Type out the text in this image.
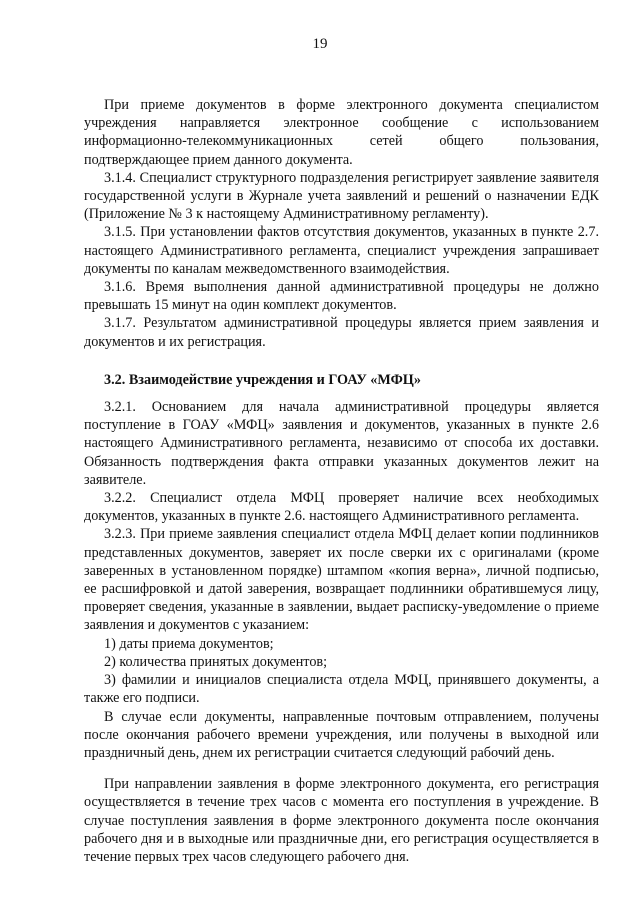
19

При приеме документов в форме электронного документа специалистом учреждения направляется электронное сообщение с использованием информационно-телекоммуникационных сетей общего пользования, подтверждающее прием данного документа.

3.1.4. Специалист структурного подразделения регистрирует заявление заявителя государственной услуги в Журнале учета заявлений и решений о назначении ЕДК (Приложение № 3 к настоящему Административному регламенту).

3.1.5. При установлении фактов отсутствия документов, указанных в пункте 2.7. настоящего Административного регламента, специалист учреждения запрашивает документы по каналам межведомственного взаимодействия.

3.1.6. Время выполнения данной административной процедуры не должно превышать 15 минут на один комплект документов.

3.1.7. Результатом административной процедуры является прием заявления и документов и их регистрация.

3.2. Взаимодействие учреждения и ГОАУ «МФЦ»

3.2.1. Основанием для начала административной процедуры является поступление в ГОАУ «МФЦ» заявления и документов, указанных в пункте 2.6 настоящего Административного регламента, независимо от способа их доставки. Обязанность подтверждения факта отправки указанных документов лежит на заявителе.

3.2.2. Специалист отдела МФЦ проверяет наличие всех необходимых документов, указанных в пункте 2.6. настоящего Административного регламента.

3.2.3. При приеме заявления специалист отдела МФЦ делает копии подлинников представленных документов, заверяет их после сверки их с оригиналами (кроме заверенных в установленном порядке) штампом «копия верна», личной подписью, ее расшифровкой и датой заверения, возвращает подлинники обратившемуся лицу, проверяет сведения, указанные в заявлении, выдает расписку-уведомление о приеме заявления и документов с указанием:

1) даты приема документов;

2) количества принятых документов;

3) фамилии и инициалов специалиста отдела МФЦ, принявшего документы, а также его подписи.

В случае если документы, направленные почтовым отправлением, получены после окончания рабочего времени учреждения, или получены в выходной или праздничный день, днем их регистрации считается следующий рабочий день.

При направлении заявления в форме электронного документа, его регистрация осуществляется в течение трех часов с момента его поступления в учреждение. В случае поступления заявления в форме электронного документа после окончания рабочего дня и в выходные или праздничные дни, его регистрация осуществляется в течение первых трех часов следующего рабочего дня.
